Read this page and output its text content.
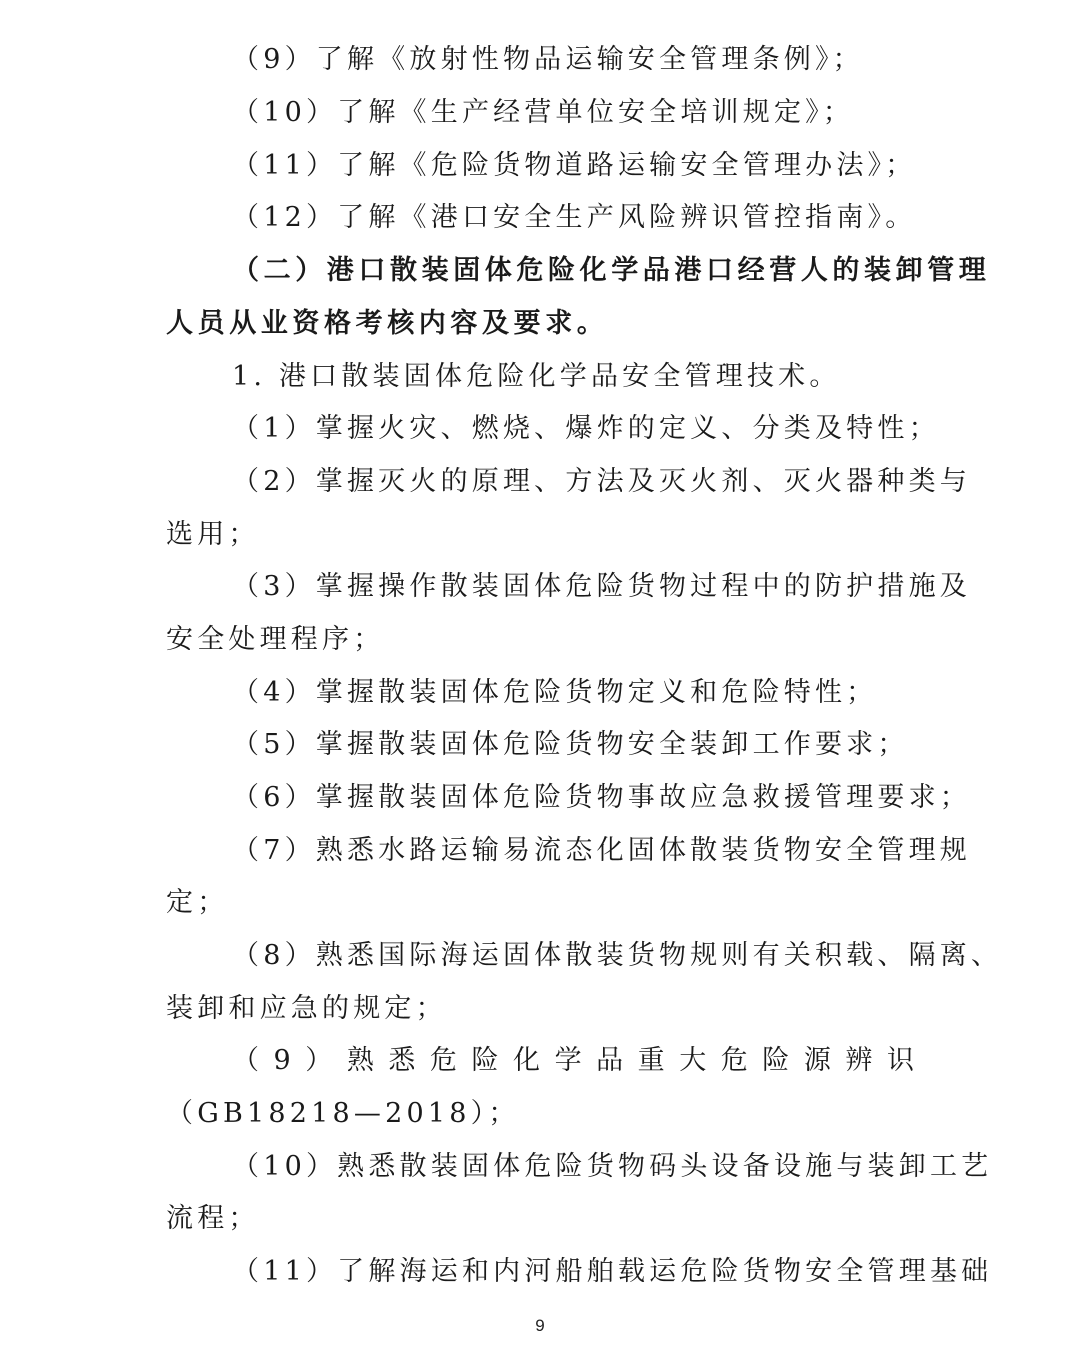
（9）了解《放射性物品运输安全管理条例》；
（10）了解《生产经营单位安全培训规定》；
（11）了解《危险货物道路运输安全管理办法》；
（12）了解《港口安全生产风险辨识管控指南》。
（二）港口散装固体危险化学品港口经营人的装卸管理
人员从业资格考核内容及要求。
1. 港口散装固体危险化学品安全管理技术。
（1）掌握火灾、燃烧、爆炸的定义、分类及特性；
（2）掌握灭火的原理、方法及灭火剂、灭火器种类与
选用；
（3）掌握操作散装固体危险货物过程中的防护措施及
安全处理程序；
（4）掌握散装固体危险货物定义和危险特性；
（5）掌握散装固体危险货物安全装卸工作要求；
（6）掌握散装固体危险货物事故应急救援管理要求；
（7）熟悉水路运输易流态化固体散装货物安全管理规
定；
（8）熟悉国际海运固体散装货物规则有关积载、隔离、
装卸和应急的规定；
（ 9 ） 熟 悉 危 险 化 学 品 重 大 危 险 源 辨 识
（GB18218—2018）；
（10）熟悉散装固体危险货物码头设备设施与装卸工艺
流程；
（11）了解海运和内河船舶载运危险货物安全管理基础
9
